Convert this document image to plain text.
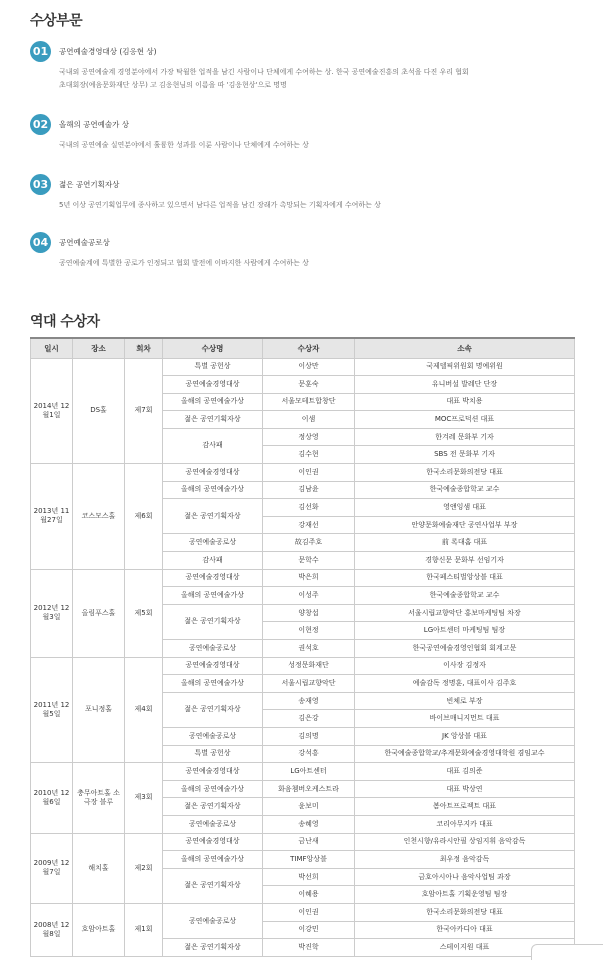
수상부문
01	공연예술경영대상 (김응현 상)
국내외 공연예술계 경영분야에서 가장 탁월한 업적을 남긴 사람이나 단체에게 수여하는 상. 한국 공연예술진흥의 초석을 다진 우리 협회
초대회장(예음문화재단 상무) 고 김응현님의 이름을 따 '김응현상'으로 명명
02	올해의 공연예술가 상
국내의 공연예술 실연분야에서 훌륭한 성과를 이룬 사람이나 단체에게 수여하는 상
03	젊은 공연기획자상
5년 이상 공연기획업무에 종사하고 있으면서 남다른 업적을 남긴 장래가 촉망되는 기획자에게 수여하는 상
04	공연예술공로상
공연예술계에 특별한 공로가 인정되고 협회 발전에 이바지한 사람에게 수여하는 상
역대 수상자
일시	장소	회차	수상명	수상자	소속
2014년 12월1일	DS홀	제7회	특별 공헌상	이상만	국제델픽위원회 명예위원
			공연예술경영대상	문훈숙	유니버설 발레단 단장
			올해의 공연예술가상	서울모테트합창단	대표 박치용
			젊은 공연기획자상	이샘	MOC프로덕션 대표
			감사패	정상영	한겨레 문화부 기자
				김수현	SBS 전 문화부 기자
2013년 11월27일	코스모스홀	제6회	공연예술경영대상	이인권	한국소리문화의전당 대표
			올해의 공연예술가상	김남윤	한국예술종합학교 교수
			젊은 공연기획자상	김선화	영앤잉샘 대표
				강재선	안양문화예술재단 공연사업부 부장
			공연예술공로상	故김주호	前 록대홈 대표
			감사패	문학수	경향신문 문화부 선임기자
2012년 12월3일	올림푸스홀	제5회	공연예술경영대상	박은희	한국페스티벌앙상블 대표
			올해의 공연예술가상	이성주	한국예술종합학교 교수
			젊은 공연기획자상	양창섭	서울시립교향악단 홍보마케팅팀 차장
				이현정	LG아트센터 마케팅팀 팀장
			공연예술공로상	권석호	한국공연예술경영인협회 회계고문
2011년 12월5일	포니정홀	제4회	공연예술경영대상	성정문화재단	이사장 김정자
			올해의 공연예술가상	서울시립교향악단	예술감독 정명훈, 대표이사 김주호
			젊은 공연기획자상	송재영	빈체로 부장
				김은강	바이브매니지먼트 대표
			공연예술공로상	김의명	JK 앙상블 대표
			특별 공헌상	강석흥	한국예술종합학교/추계문화예술경영대학원 겸임교수
2010년 12월6일	충무아트홀 소극장 블루	제3회	공연예술경영대상	LG아트센터	대표 김의준
			올해의 공연예술가상	화음쳄버오케스트라	대표 박상연
			젊은 공연기획자상	윤보미	봄아트프로젝트 대표
			공연예술공로상	송혜영	코리아무지카 대표
2009년 12월7일	해치홀	제2회	공연예술경영대상	금난새	인천시향/유라시안필 상임지휘 음악감독
			올해의 공연예술가상	TIMF앙상블	최우정 음악감독
			젊은 공연기획자상	박선희	금호아시아나 음악사업팀 과장
				이혜용	호암아트홀 기획운영팀 팀장
2008년 12월8일	호암아트홀	제1회	공연예술공로상	이인권	한국소리문화의전당 대표
				이강민	한국아카디아 대표
			젊은 공연기획자상	박진학	스테이지원 대표
